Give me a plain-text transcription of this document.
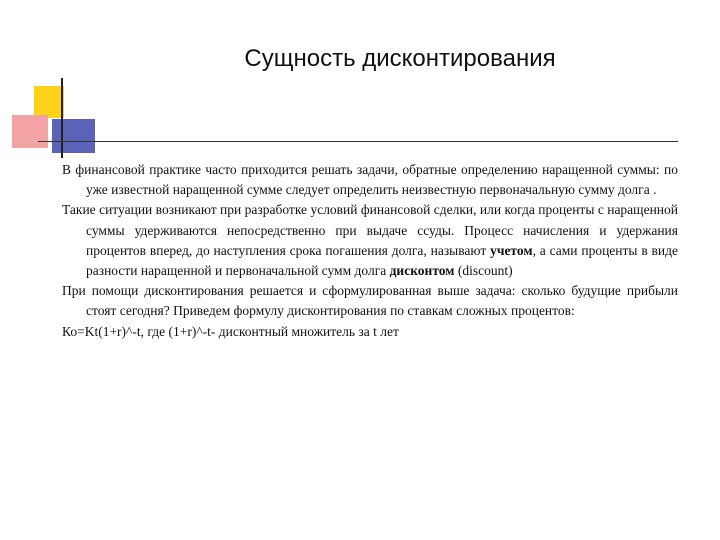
Сущность дисконтирования

В финансовой практике часто приходится решать задачи, обратные определению наращенной суммы: по уже известной наращенной сумме следует определить неизвестную первоначальную сумму долга .

Такие ситуации возникают при разработке условий финансовой сделки, или когда проценты с наращенной суммы удерживаются непосредственно при выдаче ссуды. Процесс начисления и удержания процентов вперед, до наступления срока погашения долга, называют учетом, а сами проценты в виде разности наращенной и первоначальной сумм долга дисконтом (discount)

При помощи дисконтирования решается и сформулированная выше задача: сколько будущие прибыли стоят сегодня? Приведем формулу дисконтирования по ставкам сложных процентов:

Ко=Kt(1+r)^-t, где (1+r)^-t- дисконтный множитель за t лет
